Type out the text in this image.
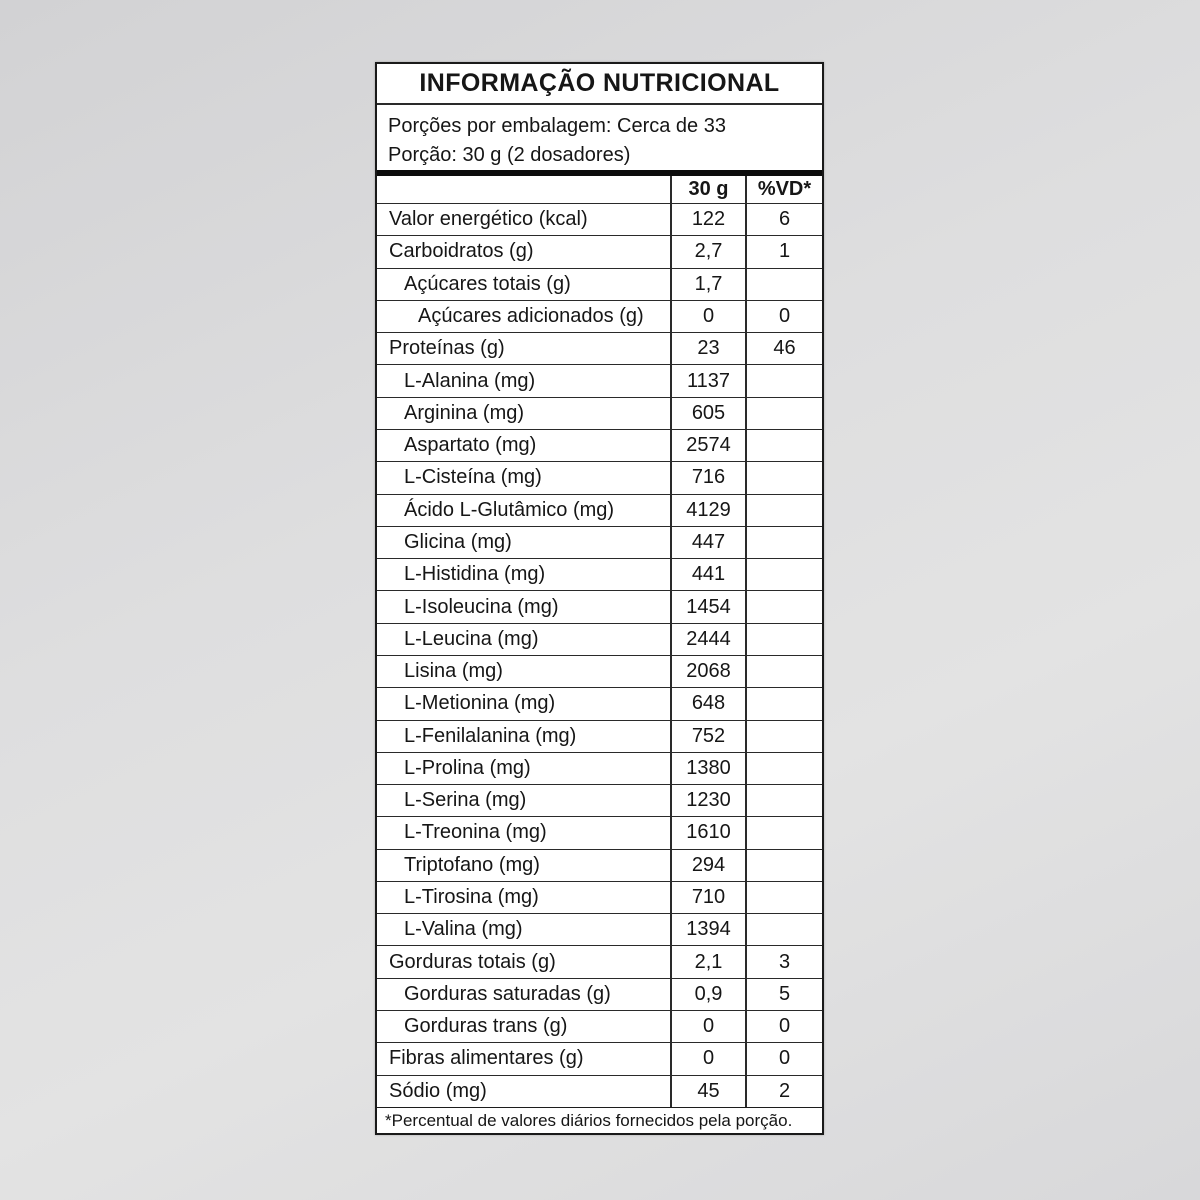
INFORMAÇÃO NUTRICIONAL
Porções por embalagem: Cerca de 33
Porção: 30 g (2 dosadores)
30 g	%VD*
Valor energético (kcal)	122	6
Carboidratos (g)	2,7	1
Açúcares totais (g)	1,7
Açúcares adicionados (g)	0	0
Proteínas (g)	23	46
L-Alanina (mg)	1137
Arginina (mg)	605
Aspartato (mg)	2574
L-Cisteína (mg)	716
Ácido L-Glutâmico (mg)	4129
Glicina (mg)	447
L-Histidina (mg)	441
L-Isoleucina (mg)	1454
L-Leucina (mg)	2444
Lisina (mg)	2068
L-Metionina (mg)	648
L-Fenilalanina (mg)	752
L-Prolina (mg)	1380
L-Serina (mg)	1230
L-Treonina (mg)	1610
Triptofano (mg)	294
L-Tirosina (mg)	710
L-Valina (mg)	1394
Gorduras totais (g)	2,1	3
Gorduras saturadas (g)	0,9	5
Gorduras trans (g)	0	0
Fibras alimentares (g)	0	0
Sódio (mg)	45	2
*Percentual de valores diários fornecidos pela porção.
